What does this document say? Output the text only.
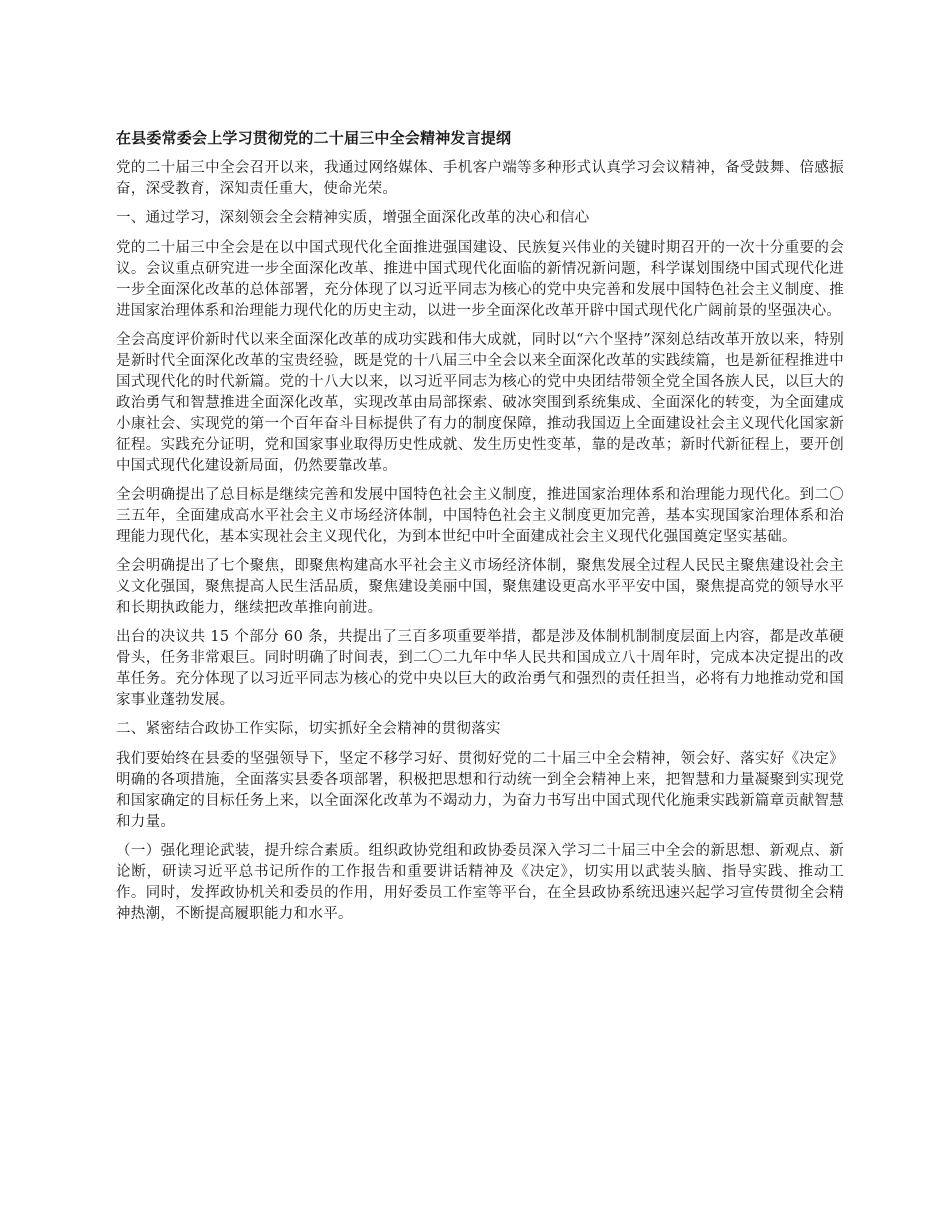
在县委常委会上学习贯彻党的二十届三中全会精神发言提纲

党的二十届三中全会召开以来，我通过网络媒体、手机客户端等多种形式认真学习会议精神，备受鼓舞、倍感振奋，深受教育，深知责任重大，使命光荣。

一、通过学习，深刻领会全会精神实质，增强全面深化改革的决心和信心

党的二十届三中全会是在以中国式现代化全面推进强国建设、民族复兴伟业的关键时期召开的一次十分重要的会议。会议重点研究进一步全面深化改革、推进中国式现代化面临的新情况新问题，科学谋划围绕中国式现代化进一步全面深化改革的总体部署，充分体现了以习近平同志为核心的党中央完善和发展中国特色社会主义制度、推进国家治理体系和治理能力现代化的历史主动，以进一步全面深化改革开辟中国式现代化广阔前景的坚强决心。

全会高度评价新时代以来全面深化改革的成功实践和伟大成就，同时以“六个坚持”深刻总结改革开放以来，特别是新时代全面深化改革的宝贵经验，既是党的十八届三中全会以来全面深化改革的实践续篇，也是新征程推进中国式现代化的时代新篇。党的十八大以来，以习近平同志为核心的党中央团结带领全党全国各族人民，以巨大的政治勇气和智慧推进全面深化改革，实现改革由局部探索、破冰突围到系统集成、全面深化的转变，为全面建成小康社会、实现党的第一个百年奋斗目标提供了有力的制度保障，推动我国迈上全面建设社会主义现代化国家新征程。实践充分证明，党和国家事业取得历史性成就、发生历史性变革，靠的是改革；新时代新征程上，要开创中国式现代化建设新局面，仍然要靠改革。

全会明确提出了总目标是继续完善和发展中国特色社会主义制度，推进国家治理体系和治理能力现代化。到二〇三五年，全面建成高水平社会主义市场经济体制，中国特色社会主义制度更加完善，基本实现国家治理体系和治理能力现代化，基本实现社会主义现代化，为到本世纪中叶全面建成社会主义现代化强国奠定坚实基础。

全会明确提出了七个聚焦，即聚焦构建高水平社会主义市场经济体制，聚焦发展全过程人民民主聚焦建设社会主义文化强国，聚焦提高人民生活品质，聚焦建设美丽中国，聚焦建设更高水平平安中国，聚焦提高党的领导水平和长期执政能力，继续把改革推向前进。

出台的决议共 15 个部分 60 条，共提出了三百多项重要举措，都是涉及体制机制制度层面上内容，都是改革硬骨头，任务非常艰巨。同时明确了时间表，到二〇二九年中华人民共和国成立八十周年时，完成本决定提出的改革任务。充分体现了以习近平同志为核心的党中央以巨大的政治勇气和强烈的责任担当，必将有力地推动党和国家事业蓬勃发展。

二、紧密结合政协工作实际，切实抓好全会精神的贯彻落实

我们要始终在县委的坚强领导下，坚定不移学习好、贯彻好党的二十届三中全会精神，领会好、落实好《决定》明确的各项措施，全面落实县委各项部署，积极把思想和行动统一到全会精神上来，把智慧和力量凝聚到实现党和国家确定的目标任务上来，以全面深化改革为不竭动力，为奋力书写出中国式现代化施秉实践新篇章贡献智慧和力量。

（一）强化理论武装，提升综合素质。组织政协党组和政协委员深入学习二十届三中全会的新思想、新观点、新论断，研读习近平总书记所作的工作报告和重要讲话精神及《决定》，切实用以武装头脑、指导实践、推动工作。同时，发挥政协机关和委员的作用，用好委员工作室等平台，在全县政协系统迅速兴起学习宣传贯彻全会精神热潮，不断提高履职能力和水平。
